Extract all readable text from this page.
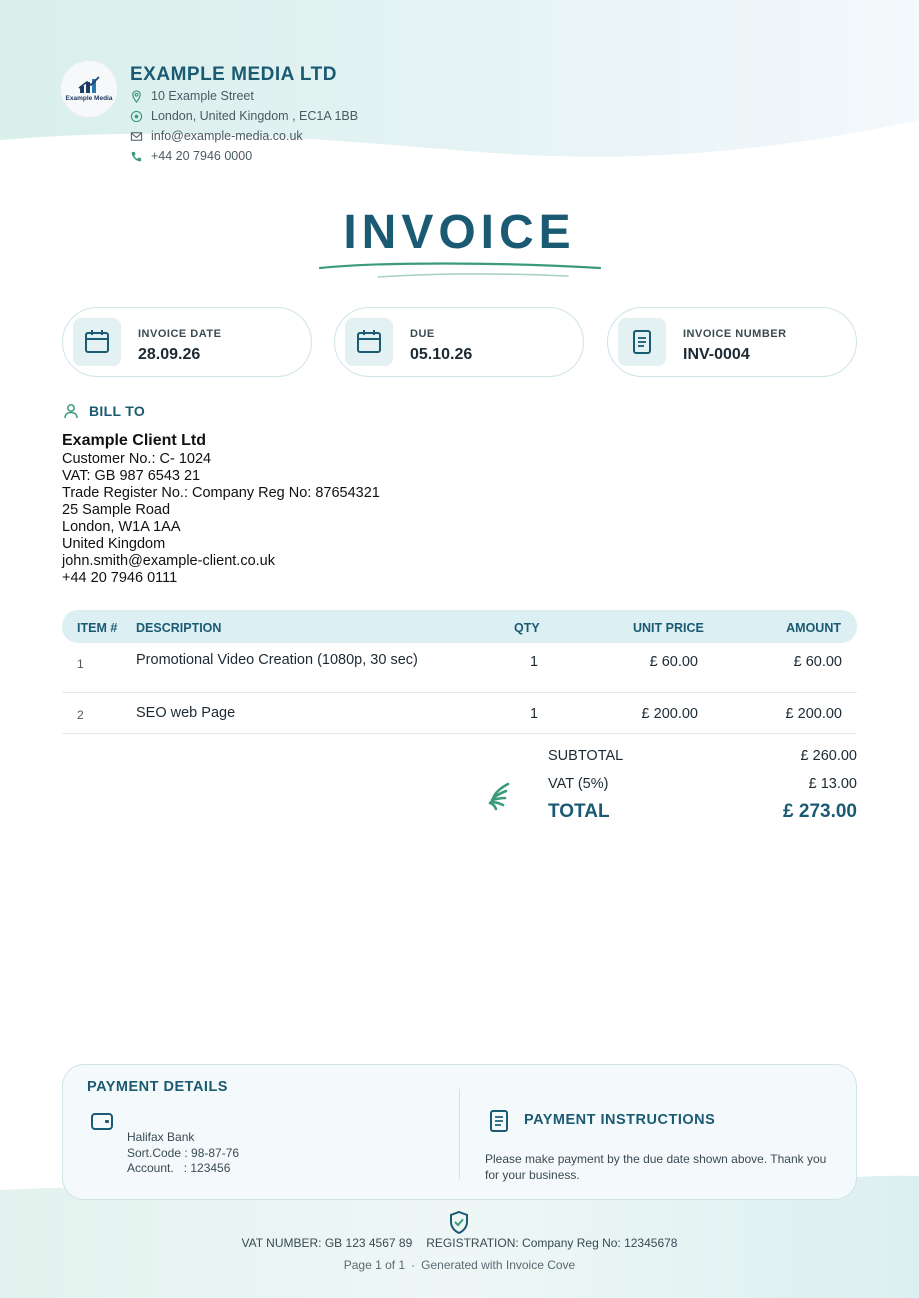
Example Media
EXAMPLE MEDIA LTD
10 Example Street
London, United Kingdom , EC1A 1BB
info@example-media.co.uk
+44 20 7946 0000
INVOICE
INVOICE DATE
28.09.26
DUE
05.10.26
INVOICE NUMBER
INV-0004
BILL TO
Example Client Ltd
Customer No.: C- 1024
VAT: GB 987 6543 21
Trade Register No.: Company Reg No: 87654321
25 Sample Road
London, W1A 1AA
United Kingdom
john.smith@example-client.co.uk
+44 20 7946 0111
ITEM # DESCRIPTION	QTY	UNIT PRICE	AMOUNT
1	Promotional Video Creation (1080p, 30 sec)	1	£ 60.00	£ 60.00
2	SEO web Page	1	£ 200.00	£ 200.00
SUBTOTAL	£ 260.00
VAT (5%)	£ 13.00
TOTAL	£ 273.00
PAYMENT DETAILS
Halifax Bank
Sort.Code : 98-87-76
Account.   : 123456
PAYMENT INSTRUCTIONS
Please make payment by the due date shown above. Thank you for your business.
VAT NUMBER: GB 123 4567 89 REGISTRATION: Company Reg No: 12345678
Page 1 of 1 · Generated with Invoice Cove
